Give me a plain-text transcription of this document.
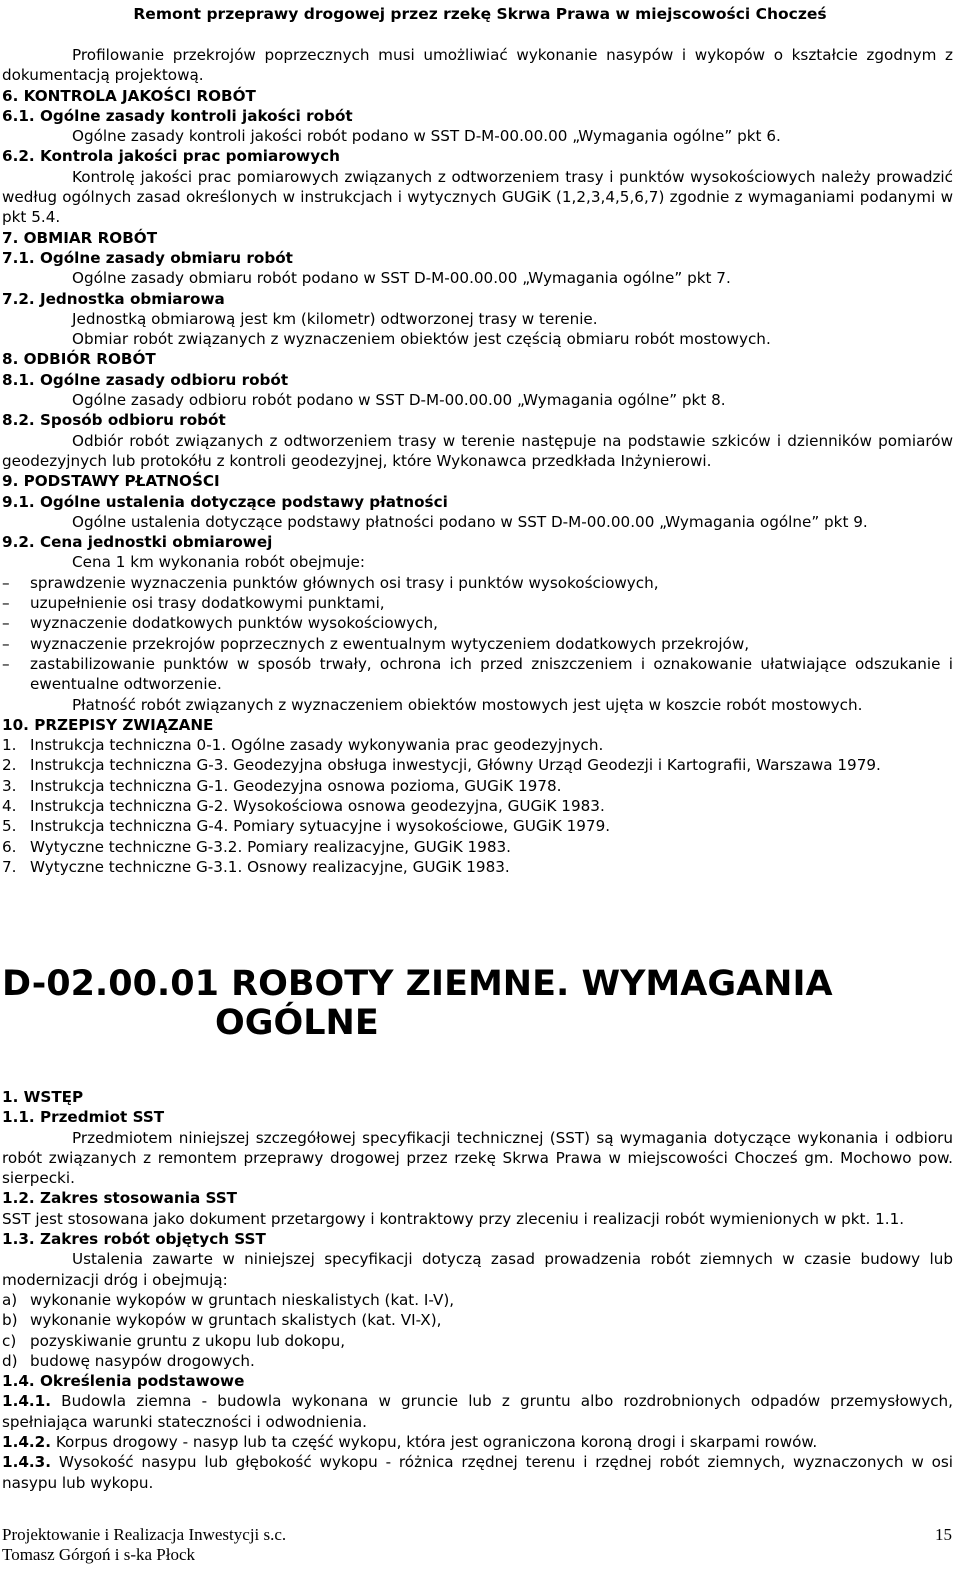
Remont przeprawy drogowej przez rzekę Skrwa Prawa w miejscowości Chocześ

Profilowanie przekrojów poprzecznych musi umożliwiać wykonanie nasypów i wykopów o kształcie zgodnym z dokumentacją projektową.

6. KONTROLA JAKOŚCI ROBÓT

6.1. Ogólne zasady kontroli jakości robót

Ogólne zasady kontroli jakości robót podano w SST D-M-00.00.00 „Wymagania ogólne” pkt 6.

6.2. Kontrola jakości prac pomiarowych

Kontrolę jakości prac pomiarowych związanych z odtworzeniem trasy i punktów wysokościowych należy prowadzić według ogólnych zasad określonych w instrukcjach i wytycznych GUGiK (1,2,3,4,5,6,7) zgodnie z wymaganiami podanymi w pkt 5.4.

7. OBMIAR ROBÓT

7.1. Ogólne zasady obmiaru robót

Ogólne zasady obmiaru robót podano w SST D-M-00.00.00 „Wymagania ogólne” pkt 7.

7.2. Jednostka obmiarowa

Jednostką obmiarową jest km (kilometr) odtworzonej trasy w terenie.

Obmiar robót związanych z wyznaczeniem obiektów jest częścią obmiaru robót mostowych.

8. ODBIÓR ROBÓT

8.1. Ogólne zasady odbioru robót

Ogólne zasady odbioru robót podano w SST D-M-00.00.00 „Wymagania ogólne” pkt 8.

8.2. Sposób odbioru robót

Odbiór robót związanych z odtworzeniem trasy w terenie następuje na podstawie szkiców i dzienników pomiarów geodezyjnych lub protokółu z kontroli geodezyjnej, które Wykonawca przedkłada Inżynierowi.

9. PODSTAWY PŁATNOŚCI

9.1. Ogólne ustalenia dotyczące podstawy płatności

Ogólne ustalenia dotyczące podstawy płatności podano w SST D-M-00.00.00 „Wymagania ogólne” pkt 9.

9.2. Cena jednostki obmiarowej

Cena 1 km wykonania robót obejmuje:

–	sprawdzenie wyznaczenia punktów głównych osi trasy i punktów wysokościowych,
–	uzupełnienie osi trasy dodatkowymi punktami,
–	wyznaczenie dodatkowych punktów wysokościowych,
–	wyznaczenie przekrojów poprzecznych z ewentualnym wytyczeniem dodatkowych przekrojów,
–	zastabilizowanie punktów w sposób trwały, ochrona ich przed zniszczeniem i oznakowanie ułatwiające odszukanie i ewentualne odtworzenie.

Płatność robót związanych z wyznaczeniem obiektów mostowych jest ujęta w koszcie robót mostowych.

10. PRZEPISY ZWIĄZANE

1. Instrukcja techniczna 0-1. Ogólne zasady wykonywania prac geodezyjnych.
2. Instrukcja techniczna G-3. Geodezyjna obsługa inwestycji, Główny Urząd Geodezji i Kartografii, Warszawa 1979.
3. Instrukcja techniczna G-1. Geodezyjna osnowa pozioma, GUGiK 1978.
4. Instrukcja techniczna G-2. Wysokościowa osnowa geodezyjna, GUGiK 1983.
5. Instrukcja techniczna G-4. Pomiary sytuacyjne i wysokościowe, GUGiK 1979.
6. Wytyczne techniczne G-3.2. Pomiary realizacyjne, GUGiK 1983.
7. Wytyczne techniczne G-3.1. Osnowy realizacyjne, GUGiK 1983.
D-02.00.01 ROBOTY ZIEMNE. WYMAGANIA
OGÓLNE

1. WSTĘP

1.1. Przedmiot SST

Przedmiotem niniejszej szczegółowej specyfikacji technicznej (SST) są wymagania dotyczące wykonania i odbioru robót związanych z remontem przeprawy drogowej przez rzekę Skrwa Prawa w miejscowości Chocześ gm. Mochowo pow. sierpecki.

1.2. Zakres stosowania SST

SST jest stosowana jako dokument przetargowy i kontraktowy przy zleceniu i realizacji robót wymienionych w pkt. 1.1.

1.3. Zakres robót objętych SST

Ustalenia zawarte w niniejszej specyfikacji dotyczą zasad prowadzenia robót ziemnych w czasie budowy lub modernizacji dróg i obejmują:

a) wykonanie wykopów w gruntach nieskalistych (kat. I-V),
b) wykonanie wykopów w gruntach skalistych (kat. VI-X),
c) pozyskiwanie gruntu z ukopu lub dokopu,
d) budowę nasypów drogowych.

1.4. Określenia podstawowe

1.4.1. Budowla ziemna - budowla wykonana w gruncie lub z gruntu albo rozdrobnionych odpadów przemysłowych, spełniająca warunki stateczności i odwodnienia.

1.4.2. Korpus drogowy - nasyp lub ta część wykopu, która jest ograniczona koroną drogi i skarpami rowów.

1.4.3. Wysokość nasypu lub głębokość wykopu - różnica rzędnej terenu i rzędnej robót ziemnych, wyznaczonych w osi nasypu lub wykopu.

Projektowanie i Realizacja Inwestycji s.c.
Tomasz Górgoń i s-ka Płock
15
